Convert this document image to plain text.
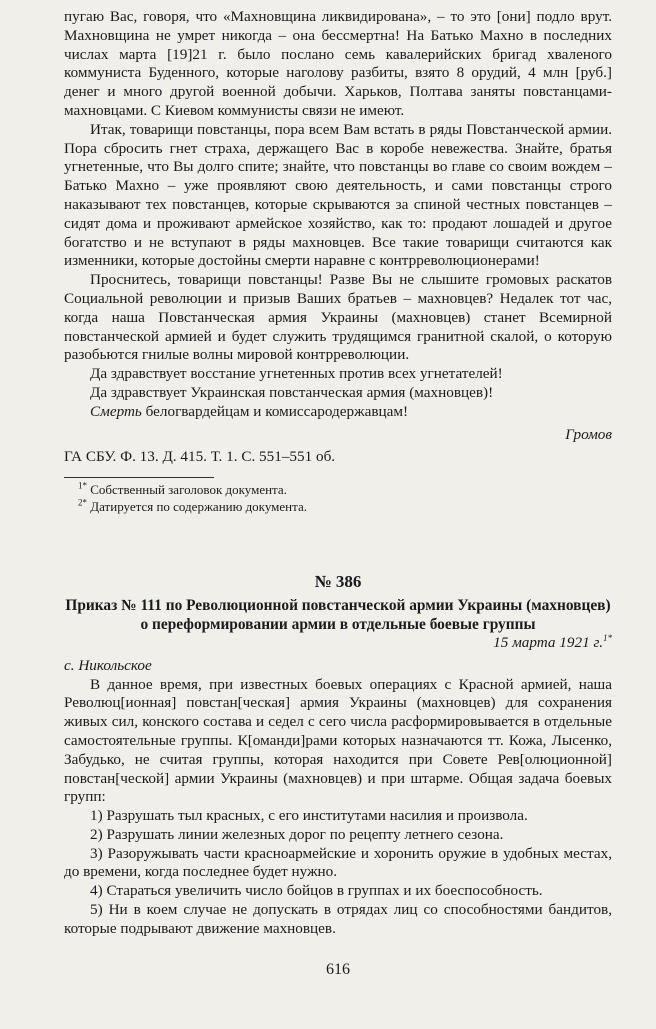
пугаю Вас, говоря, что «Махновщина ликвидирована», – то это [они] подло врут. Махновщина не умрет никогда – она бессмертна! На Батько Махно в последних числах марта [19]21 г. было послано семь кавалерийских бригад хваленого коммуниста Буденного, которые наголову разбиты, взято 8 орудий, 4 млн [руб.] денег и много другой военной добычи. Харьков, Полтава заняты повстанцами-махновцами. С Киевом коммунисты связи не имеют.

Итак, товарищи повстанцы, пора всем Вам встать в ряды Повстанческой армии. Пора сбросить гнет страха, держащего Вас в коробе невежества. Знайте, братья угнетенные, что Вы долго спите; знайте, что повстанцы во главе со своим вождем – Батько Махно – уже проявляют свою деятельность, и сами повстанцы строго наказывают тех повстанцев, которые скрываются за спиной честных повстанцев – сидят дома и проживают армейское хозяйство, как то: продают лошадей и другое богатство и не вступают в ряды махновцев. Все такие товарищи считаются как изменники, которые достойны смерти наравне с контрреволюционерами!

Проснитесь, товарищи повстанцы! Разве Вы не слышите громовых раскатов Социальной революции и призыв Ваших братьев – махновцев? Недалек тот час, когда наша Повстанческая армия Украины (махновцев) станет Всемирной повстанческой армией и будет служить трудящимся гранитной скалой, о которую разобьются гнилые волны мировой контрреволюции.

Да здравствует восстание угнетенных против всех угнетателей!

Да здравствует Украинская повстанческая армия (махновцев)!

Смерть белогвардейцам и комиссародержавцам!

Громов

ГА СБУ. Ф. 13. Д. 415. Т. 1. С. 551–551 об.

$^{1*}$ Собственный заголовок документа.

$^{2*}$ Датируется по содержанию документа.

№ 386

Приказ № 111 по Революционной повстанческой армии Украины (махновцев) о переформировании армии в отдельные боевые группы

15 марта 1921 г.$^{1*}$

с. Никольское

В данное время, при известных боевых операциях с Красной армией, наша Революц[ионная] повстан[ческая] армия Украины (махновцев) для сохранения живых сил, конского состава и седел с сего числа расформировывается в отдельные самостоятельные группы. К[оманди]рами которых назначаются тт. Кожа, Лысенко, Забудько, не считая группы, которая находится при Совете Рев[олюционной] повстан[ческой] армии Украины (махновцев) и при штарме. Общая задача боевых групп:

1) Разрушать тыл красных, с его институтами насилия и произвола.

2) Разрушать линии железных дорог по рецепту летнего сезона.

3) Разоружывать части красноармейские и хоронить оружие в удобных местах, до времени, когда последнее будет нужно.

4) Стараться увеличить число бойцов в группах и их боеспособность.

5) Ни в коем случае не допускать в отрядах лиц со способностями бандитов, которые подрывают движение махновцев.

616
